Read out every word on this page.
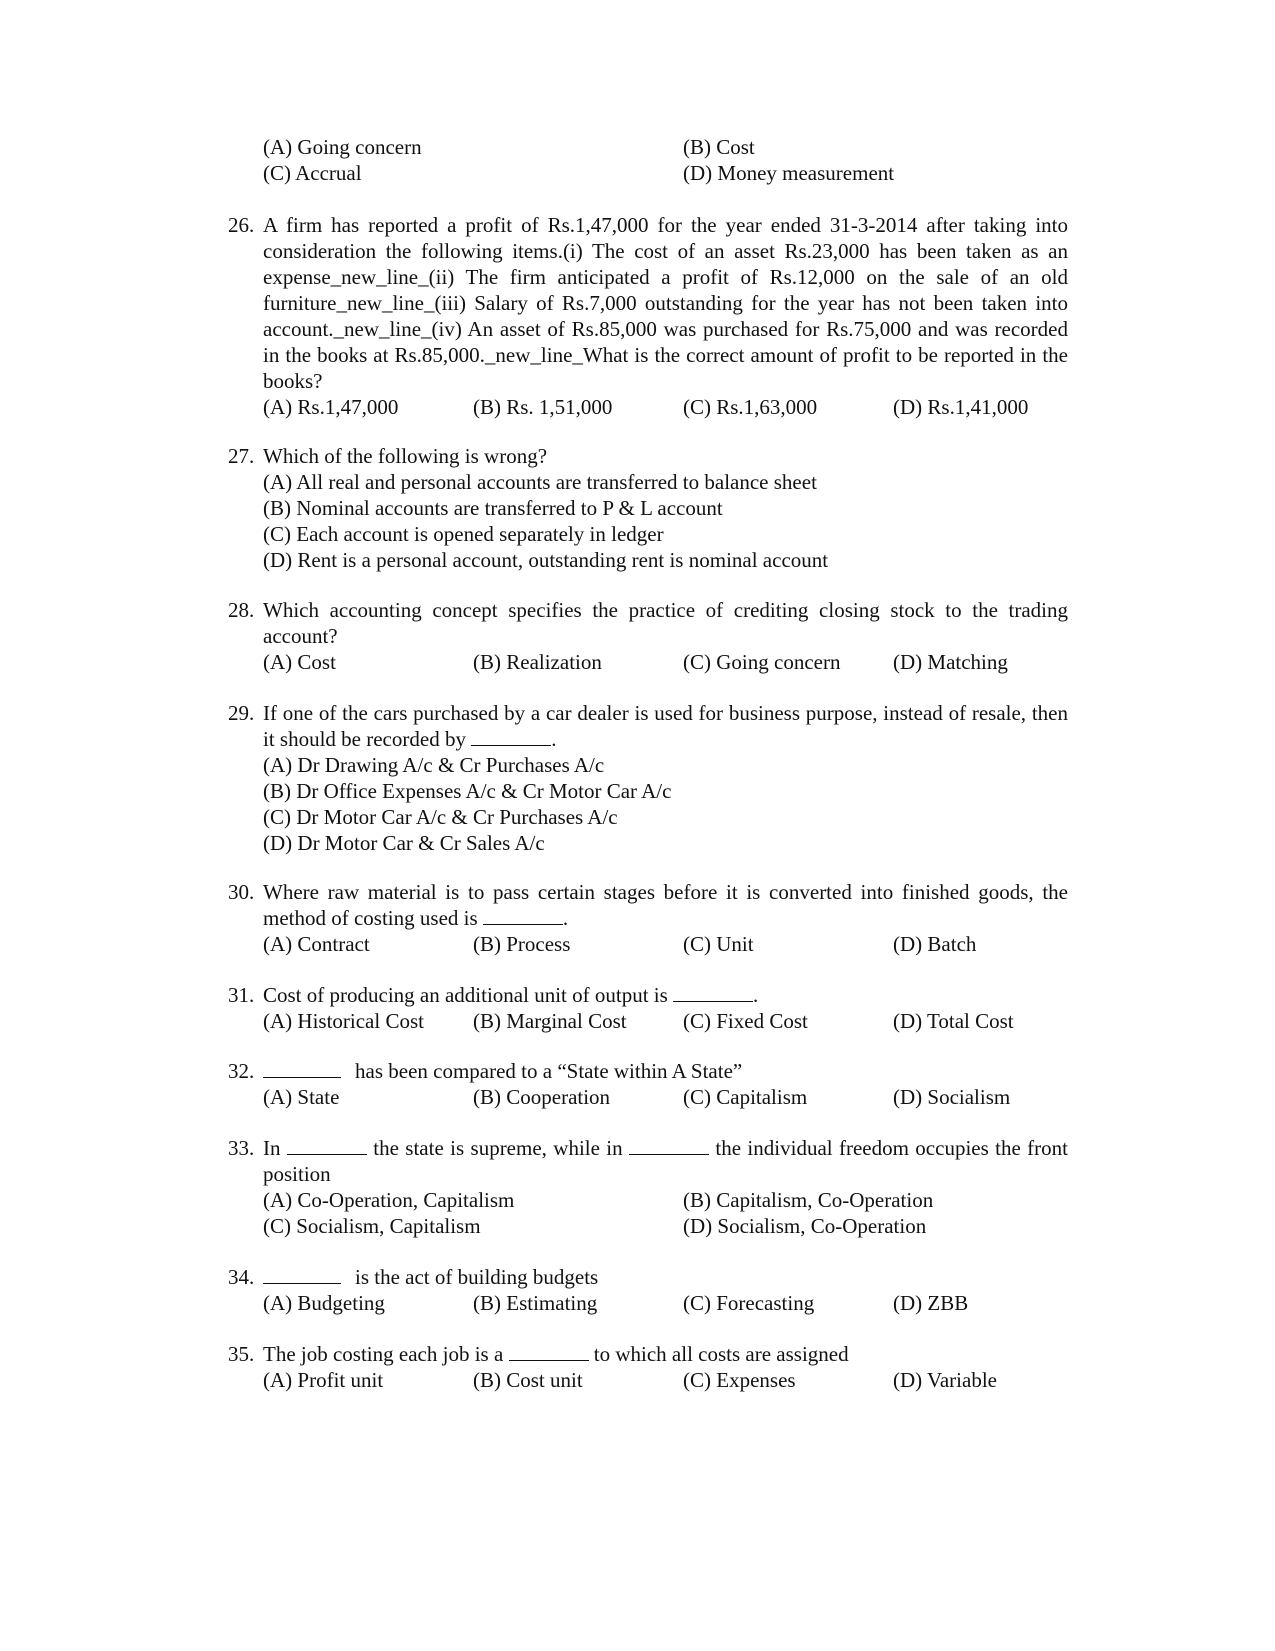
(A) Going concern	(B) Cost
(C) Accrual	(D) Money measurement
26. A firm has reported a profit of Rs.1,47,000 for the year ended 31-3-2014 after taking into consideration the following items.(i) The cost of an asset Rs.23,000 has been taken as an expense_new_line_(ii) The firm anticipated a profit of Rs.12,000 on the sale of an old furniture_new_line_(iii) Salary of Rs.7,000 outstanding for the year has not been taken into account._new_line_(iv) An asset of Rs.85,000 was purchased for Rs.75,000 and was recorded in the books at Rs.85,000._new_line_What is the correct amount of profit to be reported in the books?
(A) Rs.1,47,000	(B) Rs. 1,51,000	(C) Rs.1,63,000	(D) Rs.1,41,000
27. Which of the following is wrong?
(A) All real and personal accounts are transferred to balance sheet
(B) Nominal accounts are transferred to P & L account
(C) Each account is opened separately in ledger
(D) Rent is a personal account, outstanding rent is nominal account
28. Which accounting concept specifies the practice of crediting closing stock to the trading account?
(A) Cost	(B) Realization	(C) Going concern	(D) Matching
29. If one of the cars purchased by a car dealer is used for business purpose, instead of resale, then it should be recorded by	.
(A) Dr Drawing A/c & Cr Purchases A/c
(B) Dr Office Expenses A/c & Cr Motor Car A/c
(C) Dr Motor Car A/c & Cr Purchases A/c
(D) Dr Motor Car & Cr Sales A/c
30. Where raw material is to pass certain stages before it is converted into finished goods, the method of costing used is	.
(A) Contract	(B) Process	(C) Unit	(D) Batch
31. Cost of producing an additional unit of output is	.
(A) Historical Cost	(B) Marginal Cost	(C) Fixed Cost	(D) Total Cost
32.	has been compared to a “State within A State”
(A) State	(B) Cooperation	(C) Capitalism	(D) Socialism
33. In	the state is supreme, while in	the individual freedom occupies the front position
(A) Co-Operation, Capitalism	(B) Capitalism, Co-Operation
(C) Socialism, Capitalism	(D) Socialism, Co-Operation
34.	is the act of building budgets
(A) Budgeting	(B) Estimating	(C) Forecasting	(D) ZBB
35. The job costing each job is a	to which all costs are assigned
(A) Profit unit	(B) Cost unit	(C) Expenses	(D) Variable
